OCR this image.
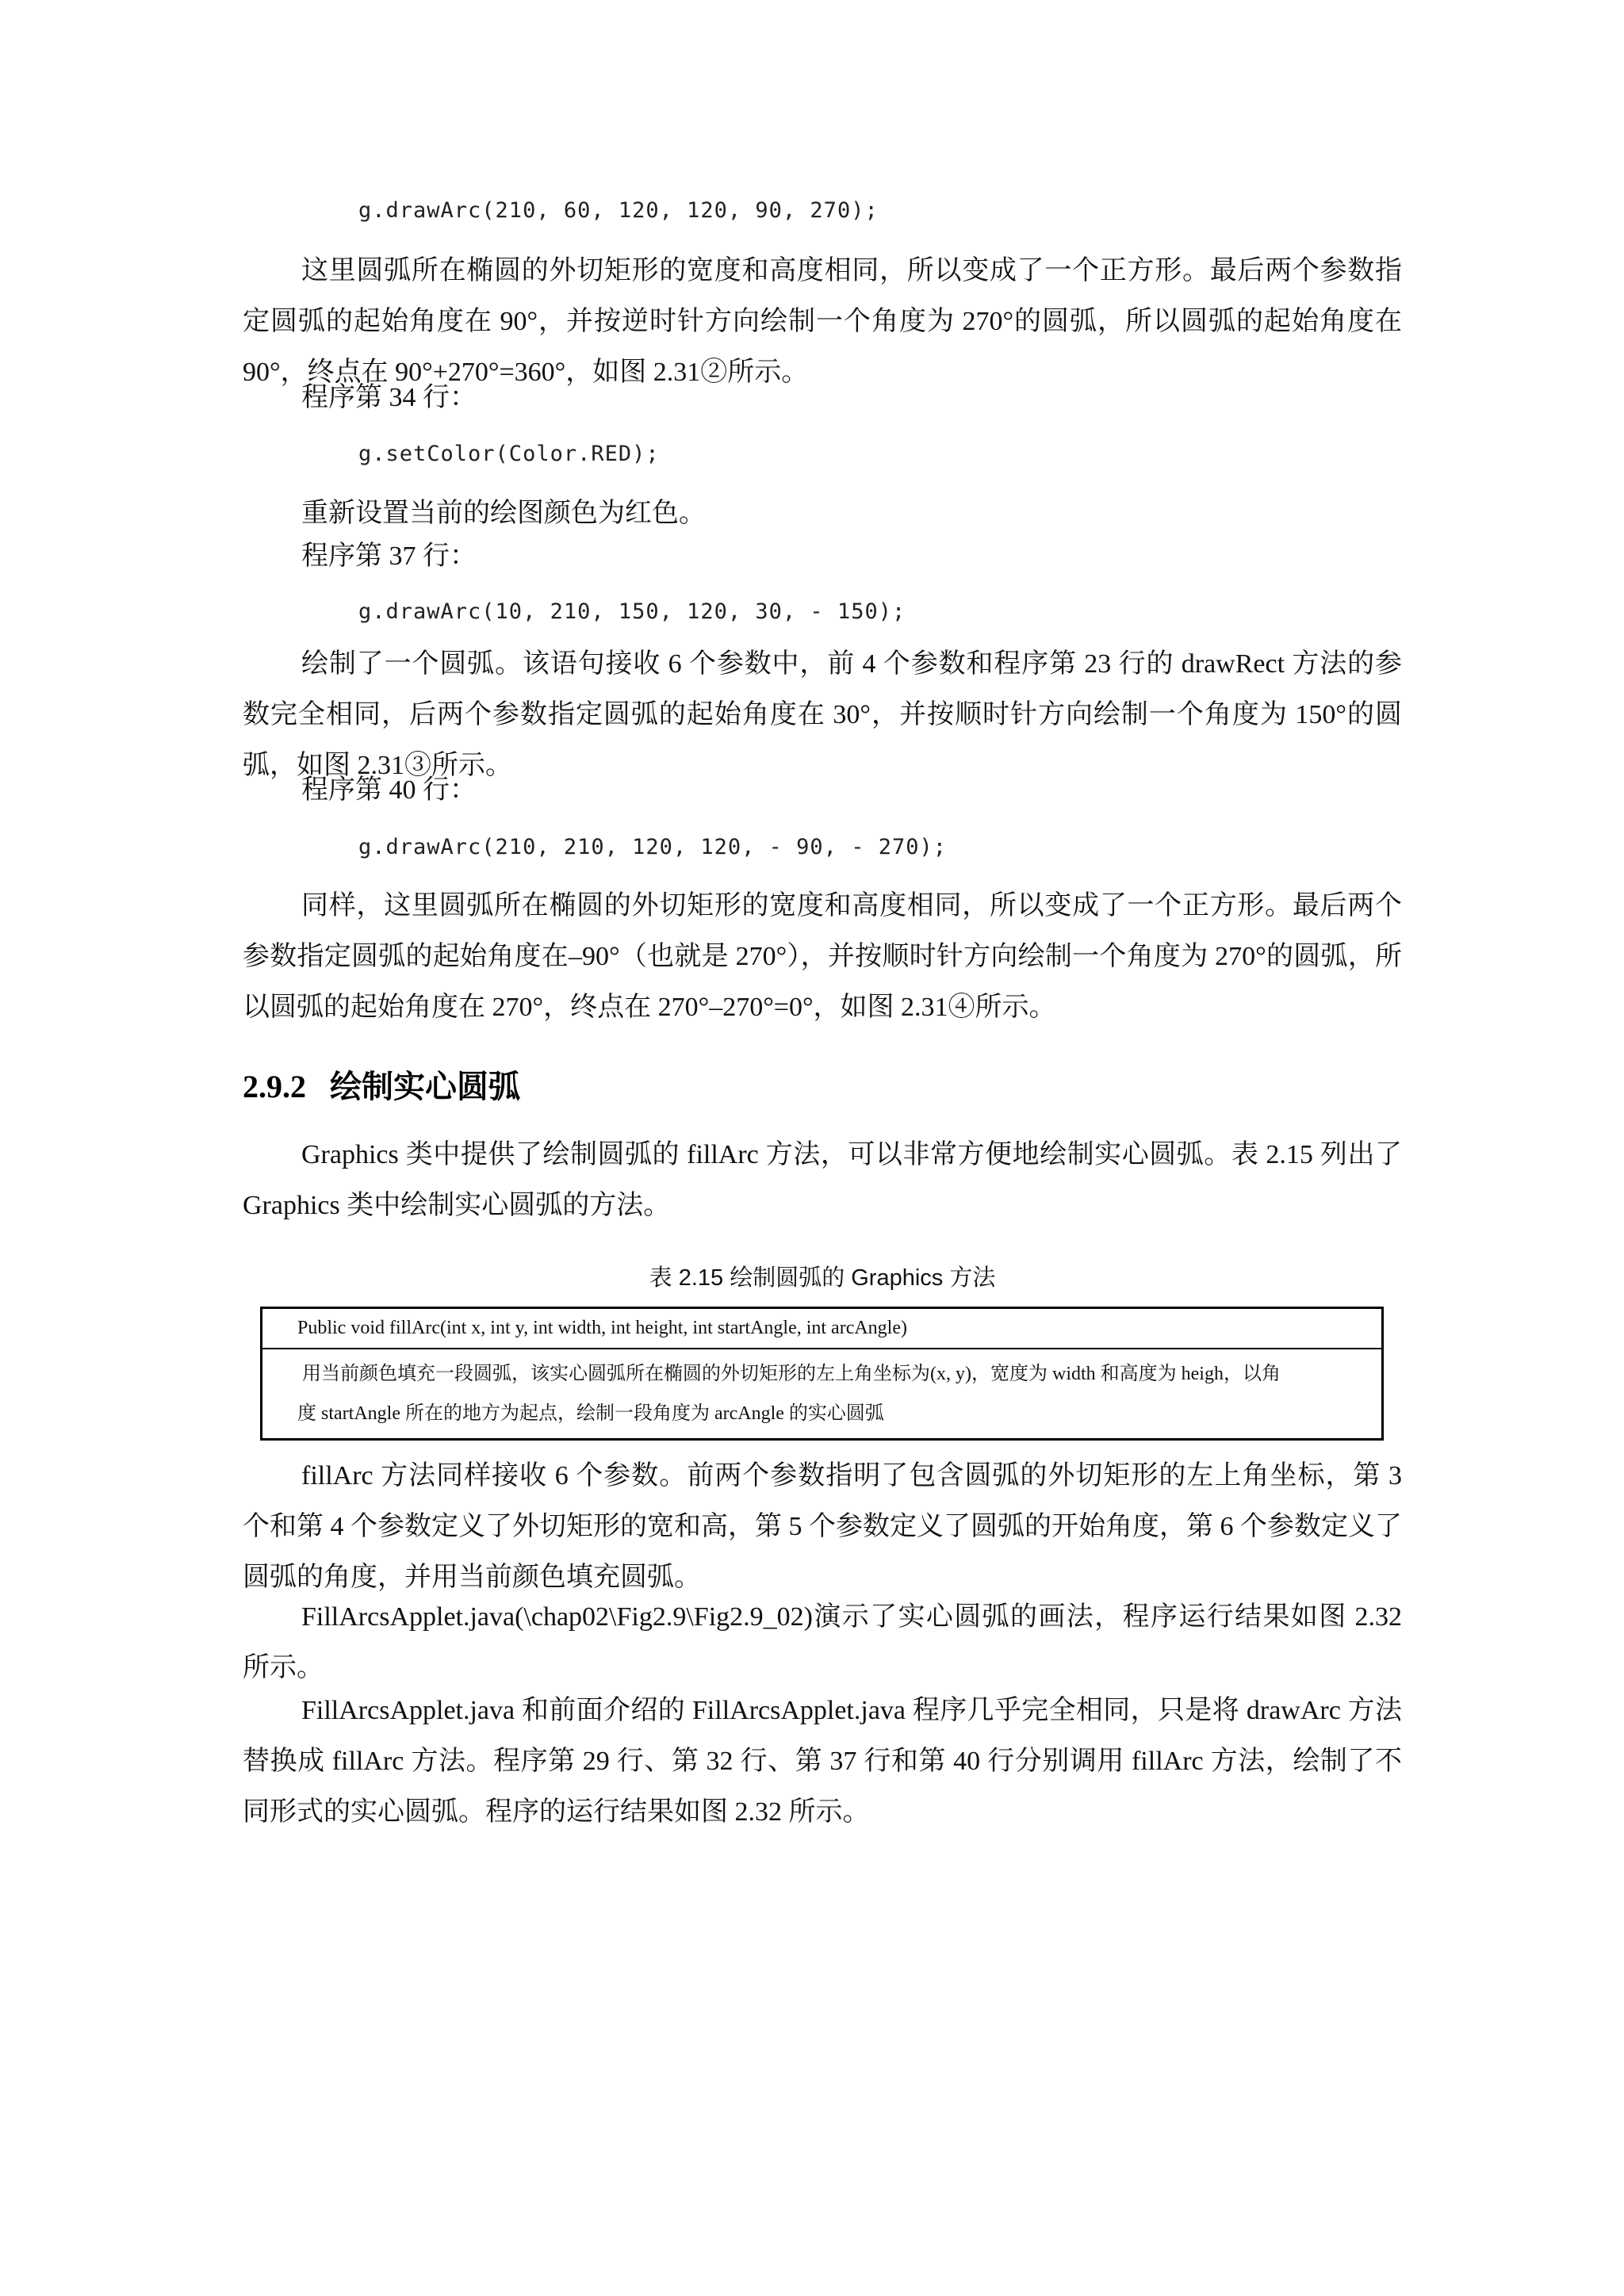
g.drawArc(210, 60, 120, 120, 90, 270);

这里圆弧所在椭圆的外切矩形的宽度和高度相同，所以变成了一个正方形。最后两个参数指定圆弧的起始角度在 90°，并按逆时针方向绘制一个角度为 270°的圆弧，所以圆弧的起始角度在 90°，终点在 90°+270°=360°，如图 2.31②所示。

程序第 34 行：

g.setColor(Color.RED);

重新设置当前的绘图颜色为红色。

程序第 37 行：

g.drawArc(10, 210, 150, 120, 30, - 150);

绘制了一个圆弧。该语句接收 6 个参数中，前 4 个参数和程序第 23 行的 drawRect 方法的参数完全相同，后两个参数指定圆弧的起始角度在 30°，并按顺时针方向绘制一个角度为 150°的圆弧，如图 2.31③所示。

程序第 40 行：

g.drawArc(210, 210, 120, 120, - 90, - 270);

同样，这里圆弧所在椭圆的外切矩形的宽度和高度相同，所以变成了一个正方形。最后两个参数指定圆弧的起始角度在–90°（也就是 270°），并按顺时针方向绘制一个角度为 270°的圆弧，所以圆弧的起始角度在 270°，终点在 270°–270°=0°，如图 2.31④所示。

2.9.2   绘制实心圆弧

Graphics 类中提供了绘制圆弧的 fillArc 方法，可以非常方便地绘制实心圆弧。表 2.15 列出了 Graphics 类中绘制实心圆弧的方法。

表 2.15 绘制圆弧的 Graphics 方法

Public void fillArc(int x, int y, int width, int height, int startAngle, int arcAngle)
用当前颜色填充一段圆弧，该实心圆弧所在椭圆的外切矩形的左上角坐标为(x, y)，宽度为 width 和高度为 heigh，以角
度 startAngle 所在的地方为起点，绘制一段角度为 arcAngle 的实心圆弧

fillArc 方法同样接收 6 个参数。前两个参数指明了包含圆弧的外切矩形的左上角坐标，第 3 个和第 4 个参数定义了外切矩形的宽和高，第 5 个参数定义了圆弧的开始角度，第 6 个参数定义了圆弧的角度，并用当前颜色填充圆弧。

FillArcsApplet.java(\chap02\Fig2.9\Fig2.9_02)演示了实心圆弧的画法，程序运行结果如图 2.32 所示。

FillArcsApplet.java 和前面介绍的 FillArcsApplet.java 程序几乎完全相同，只是将 drawArc 方法替换成 fillArc 方法。程序第 29 行、第 32 行、第 37 行和第 40 行分别调用 fillArc 方法，绘制了不同形式的实心圆弧。程序的运行结果如图 2.32 所示。
